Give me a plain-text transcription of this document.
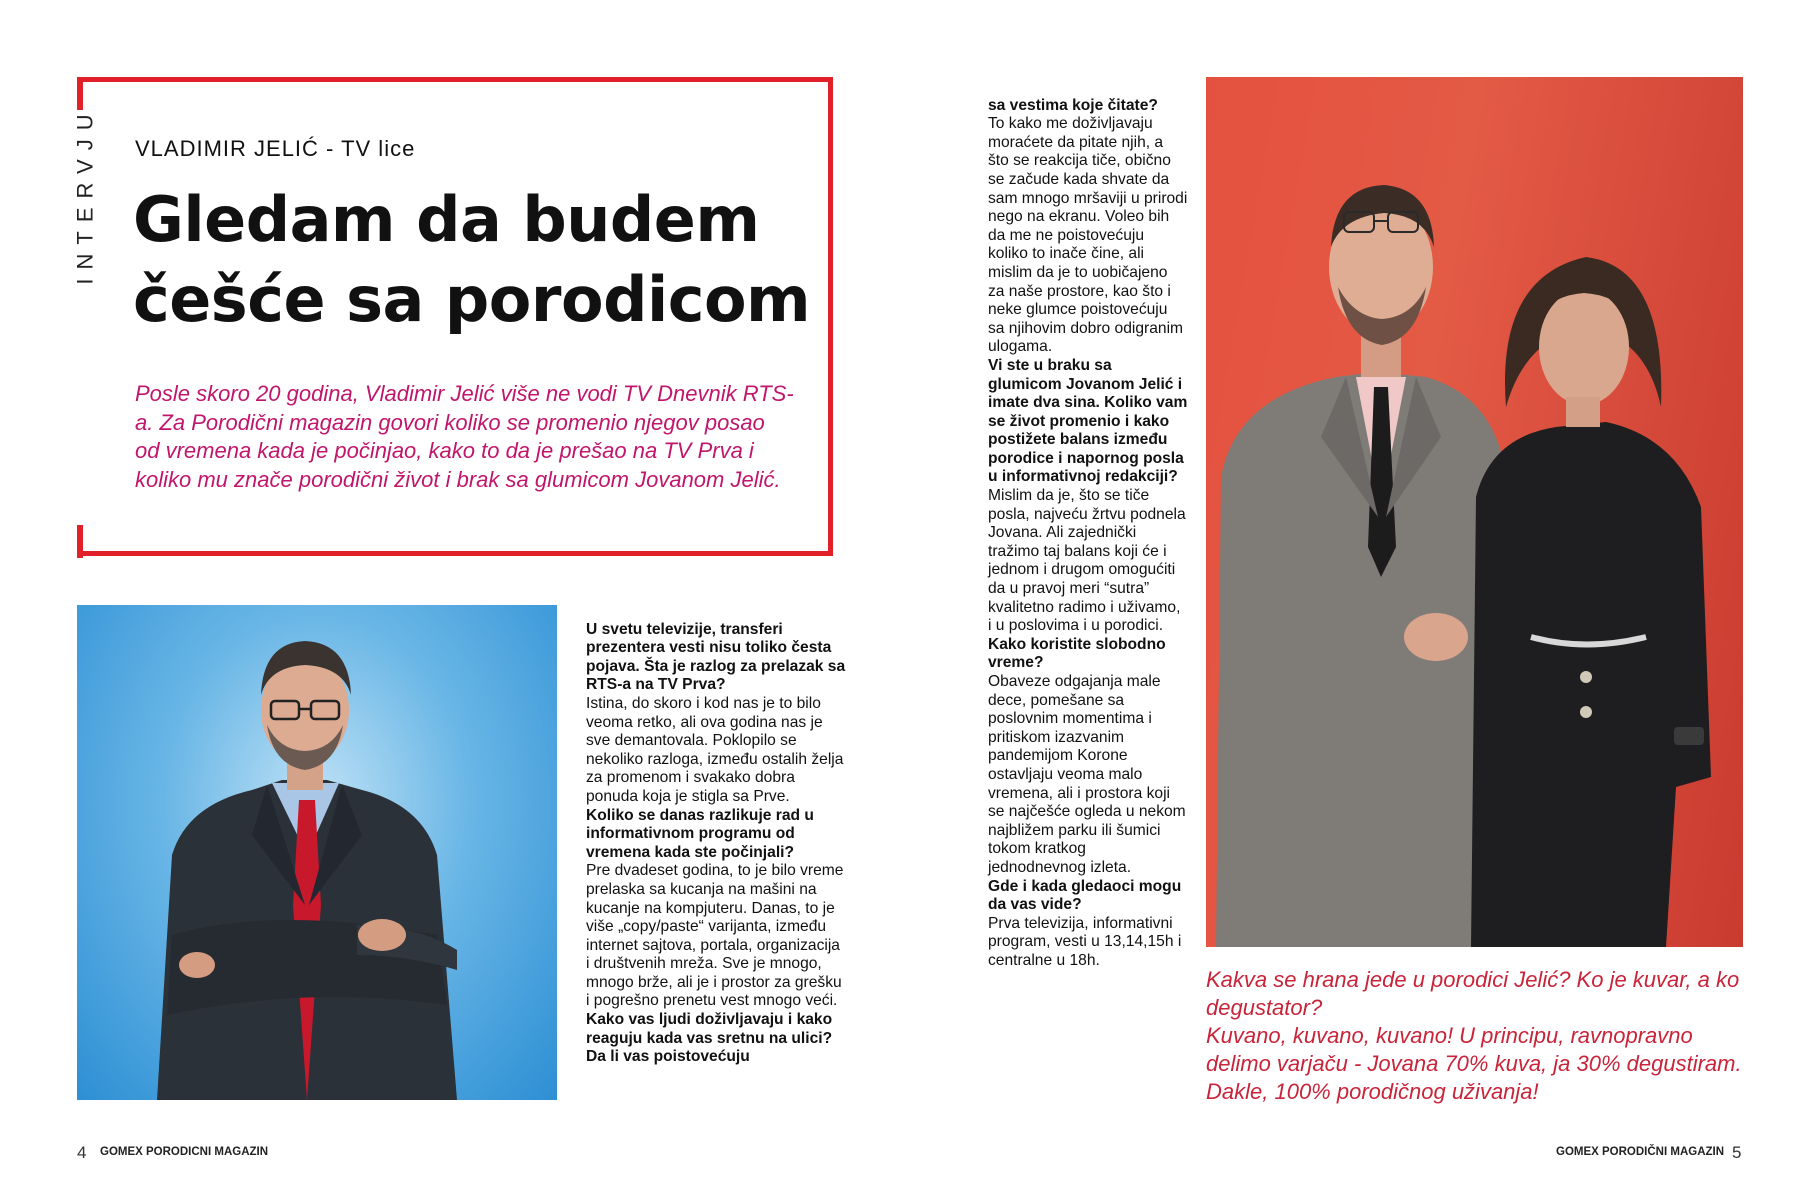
INTERVJU VLADIMIR JELIĆ - TV lice
Gledam da budem češće sa porodicom
Posle skoro 20 godina, Vladimir Jelić više ne vodi TV Dnevnik RTS-a. Za Porodični magazin govori koliko se promenio njegov posao od vremena kada je počinjao, kako to da je prešao na TV Prva i koliko mu znače porodični život i brak sa glumicom Jovanom Jelić.

U svetu televizije, transferi prezentera vesti nisu toliko česta pojava. Šta je razlog za prelazak sa RTS-a na TV Prva?
Istina, do skoro i kod nas je to bilo veoma retko, ali ova godina nas je sve demantovala. Poklopilo se nekoliko razloga, između ostalih želja za promenom i svakako dobra ponuda koja je stigla sa Prve.
Koliko se danas razlikuje rad u informativnom programu od vremena kada ste počinjali?
Pre dvadeset godina, to je bilo vreme prelaska sa kucanja na mašini na kucanje na kompjuteru. Danas, to je više „copy/paste“ varijanta, između internet sajtova, portala, organizacija i društvenih mreža. Sve je mnogo, mnogo brže, ali je i prostor za grešku i pogrešno prenetu vest mnogo veći.
Kako vas ljudi doživljavaju i kako reaguju kada vas sretnu na ulici? Da li vas poistovećuju

sa vestima koje čitate?
To kako me doživljavaju moraćete da pitate njih, a što se reakcija tiče, obično se začude kada shvate da sam mnogo mršaviji u prirodi nego na ekranu. Voleo bih da me ne poistovećuju koliko to inače čine, ali mislim da je to uobičajeno za naše prostore, kao što i neke glumce poistovećuju sa njihovim dobro odigranim ulogama.
Vi ste u braku sa glumicom Jovanom Jelić i imate dva sina. Koliko vam se život promenio i kako postižete balans između porodice i napornog posla u informativnoj redakciji?
Mislim da je, što se tiče posla, najveću žrtvu podnela Jovana. Ali zajednički tražimo taj balans koji će i jednom i drugom omogućiti da u pravoj meri “sutra” kvalitetno radimo i uživamo, i u poslovima i u porodici.
Kako koristite slobodno vreme?
Obaveze odgajanja male dece, pomešane sa poslovnim momentima i pritiskom izazvanim pandemijom Korone ostavljaju veoma malo vremena, ali i prostora koji se najčešće ogleda u nekom najbližem parku ili šumici tokom kratkog jednodnevnog izleta.
Gde i kada gledaoci mogu da vas vide?
Prva televizija, informativni program, vesti u 13,14,15h i centralne u 18h.

Kakva se hrana jede u porodici Jelić? Ko je kuvar, a ko degustator?
Kuvano, kuvano, kuvano! U principu, ravnopravno delimo varjaču - Jovana 70% kuva, ja 30% degustiram. Dakle, 100% porodičnog uživanja!
4 GOMEX PORODICNI MAGAZIN	GOMEX PORODIČNI MAGAZIN 5
